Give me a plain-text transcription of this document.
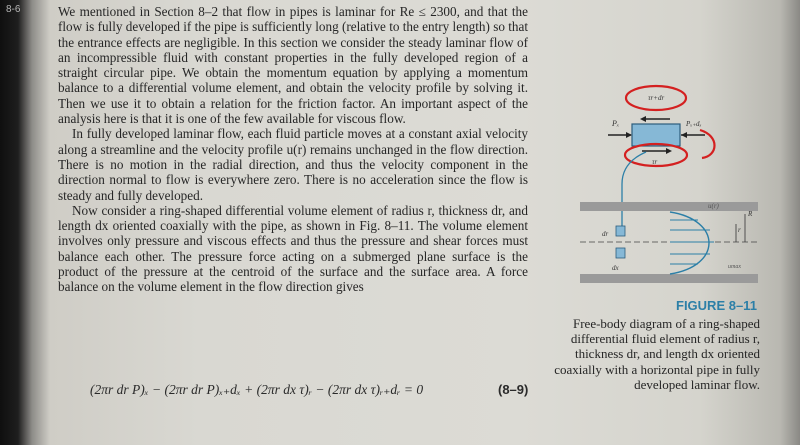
8-6	We mentioned in Section 8–2 that flow in pipes is laminar for Re ≤ 2300, and that the flow is fully developed if the pipe is sufficiently long (relative to the entry length) so that the entrance effects are negligible. In this section we consider the steady laminar flow of an incompressible fluid with constant properties in the fully developed region of a straight circular pipe. We obtain the momentum equation by applying a momentum balance to a differential volume element, and obtain the velocity profile by solving it. Then we use it to obtain a relation for the friction factor. An important aspect of the analysis here is that it is one of the few available for viscous flow.

In fully developed laminar flow, each fluid particle moves at a constant axial velocity along a streamline and the velocity profile u(r) remains unchanged in the flow direction. There is no motion in the radial direction, and thus the velocity component in the direction normal to flow is everywhere zero. There is no acceleration since the flow is steady and fully developed.

Now consider a ring-shaped differential volume element of radius r, thickness dr, and length dx oriented coaxially with the pipe, as shown in Fig. 8–11. The volume element involves only pressure and viscous effects and thus the pressure and shear forces must balance each other. The pressure force acting on a submerged plane surface is the product of the pressure at the centroid of the surface and the surface area. A force balance on the volume element in the flow direction gives

(2πr dr P)ₓ − (2πr dr P)ₓ₊dₓ + (2πr dx τ)ᵣ − (2πr dx τ)ᵣ₊dᵣ = 0	(8–9)
τr+dr
Pₓ	Pₓ₊dₓ
τr
u(r)
R
r
dr
dx	umax
FIGURE 8–11
Free-body diagram of a ring-shaped differential fluid element of radius r, thickness dr, and length dx oriented coaxially with a horizontal pipe in fully developed laminar flow.
